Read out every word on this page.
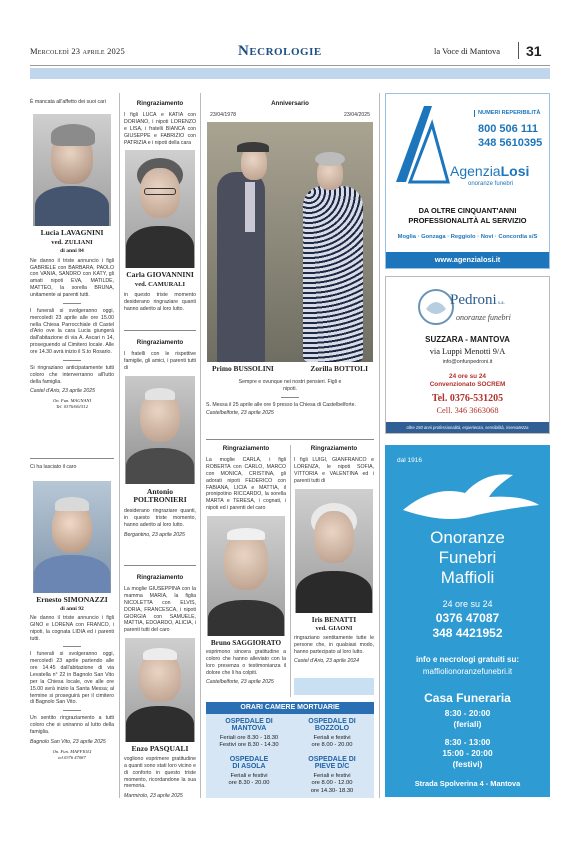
Mercoledì 23 aprile 2025	Necrologie	la Voce di Mantova 31
È mancata all'affetto dei suoi cari
Lucia LAVAGNINI
ved. ZULIANI
di anni 84
Ne danno il triste annuncio i figli GABRIELE con BARBARA, PAOLO con VANIA, SANDRO con KATY, gli amati nipoti EVA, MATILDE, MATTEO, la sorella BRUNA, unitamente ai parenti tutti.
I funerali si svolgeranno oggi, mercoledì 23 aprile alle ore 15.00 nella Chiesa Parrocchiale di Castel d'Ario ove la cara Lucia giungerà dall'abitazione di via A. Ascari n 14, proseguendo al Cimitero locale. Alle ore 14.30 avrà inizio il S.to Rosario.
Si ringraziano anticipatamente tutti coloro che interverranno all'lutto della famiglia.
Castel d'Ario, 23 aprile 2025
On. Fun. MAGNANI
Tel. 0376/661512
Ci ha lasciato il caro
Ernesto SIMONAZZI
di anni 92
Ne danno il triste annuncio i figli GINO e LORENA con FRANCO, i nipoti, la cognata LIDIA ed i parenti tutti.
I funerali si svolgeranno oggi, mercoledì 23 aprile partendo alle ore 14.45 dall'abitazione di via Levatella n° 22 in Bagnolo San Vito per la Chiesa locale, ove alle ore 15.00 avrà inizio la Santa Messa; al termine si proseguirà per il cimitero di Bagnolo San Vito.
Un sentito ringraziamento a tutti coloro che si uniranno al lutto della famiglia.
Bagnolo San Vito, 23 aprile 2025
On. Fun. MAFFIOLI
tel.0376 47087
Ringraziamento
I figli LUCA e KATIA con DORIANO, i nipoti LORENZO e LISA, i fratelli BIANCA con GIUSEPPE e FABRIZIO con PATRIZIA e i nipoti della cara
Carla GIOVANNINI
ved. CAMURALI
in questo triste momento desiderano ringraziare quanti hanno aderito al loro lutto.
Ringraziamento
I fratelli con le rispettive famiglie, gli amici, i parenti tutti di
Antonio
POLTRONIERI
desiderano ringraziare quanti, in questo triste momento, hanno aderito al loro lutto.
Bergantino, 23 aprile 2025
Ringraziamento
La moglie GIUSEPPINA con la mamma MARIA, la figlia NICOLETTA con ELVIS, DORIA, FRANCESCA, i nipoti GIORGIA con SAMUELE, MATTIA, EDOARDO, ALICIA, i parenti tutti del caro
Enzo PASQUALI
vogliono esprimere gratitudine a quanti sono stati loro vicino e di conforto in questo triste momento, ricordandone la sua memoria.
Marmirolo, 23 aprile 2025
Anniversario
23/04/1978	23/04/2025
Primo BUSSOLINI	Zorilla BOTTOLI
Sempre e ovunque nei nostri pensieri. Figli e nipoti.
S. Messa il 25 aprile alle ore 9 presso la Chiesa di Castelbelforte.
Castelbelforte, 23 aprile 2025
Ringraziamento
La moglie CARLA, i figli ROBERTA con CARLO, MARCO con MONICA, CRISTINA, gli adorati nipoti FEDERICO con FABIANA, LICIA e MATTIA, il pronipotino RICCARDO, la sorella MARTA e TERESA, i cognati, i nipoti ed i parenti del caro
Bruno SAGGIORATO
esprimono sincera gratitudine a coloro che hanno alleviato con la loro presenza o testimonianza il dolore che li ha colpiti.
Castelbelforte, 23 aprile 2025
Ringraziamento
I figli LUIGI, GIANFRANCO e LORENZA, le nipoti SOFIA, VITTORIA e VALENTINA ed i parenti tutti di
Iris BENATTI
ved. GIAONI
ringraziano sentitamente tutte le persone che, in qualsiasi modo, hanno partecipato al loro lutto.
Castel d'Ario, 23 aprile 2024
ORARI CAMERE MORTUARIE
OSPEDALE DI MANTOVA
Feriali ore 8.30 - 18.30
Festivi ore 8.30 - 14.30
OSPEDALE DI ASOLA
Feriali e festivi
ore 8.30 - 20.00
OSPEDALE DI BOZZOLO
Feriali e festivi
ore 8.00 - 20.00
OSPEDALE DI PIEVE D/C
Feriali e festivi
ore 8.00 - 12.00
ore 14.30- 18.30
NUMERI REPERIBILITÀ
800 506 111
348 5610395
AgenziaLosi
onoranze funebri
DA OLTRE CINQUANT'ANNI
PROFESSIONALITÀ AL SERVIZIO
Moglia · Gonzaga · Reggiolo · Novi · Concordia s/S
www.agenzialosi.it
Pedroni s.a.
onoranze funebri
SUZZARA - MANTOVA
via Luppi Menotti 9/A
info@onfunpedroni.it
24 ore su 24
Convenzionato SOCREM
Tel. 0376-531205
Cell. 346 3663068
oltre 150 anni professionalità, esperienza, sensibilità, riservatezza
dal 1916
Onoranze
Funebri
Maffioli
24 ore su 24
0376 47087
348 4421952
info e necrologi gratuiti su:
maffiolionoranzefunebri.it
Casa Funeraria
8:30 - 20:00
(feriali)
8:30 - 13:00
15:00 - 20:00
(festivi)
Strada Spolverina 4 - Mantova
